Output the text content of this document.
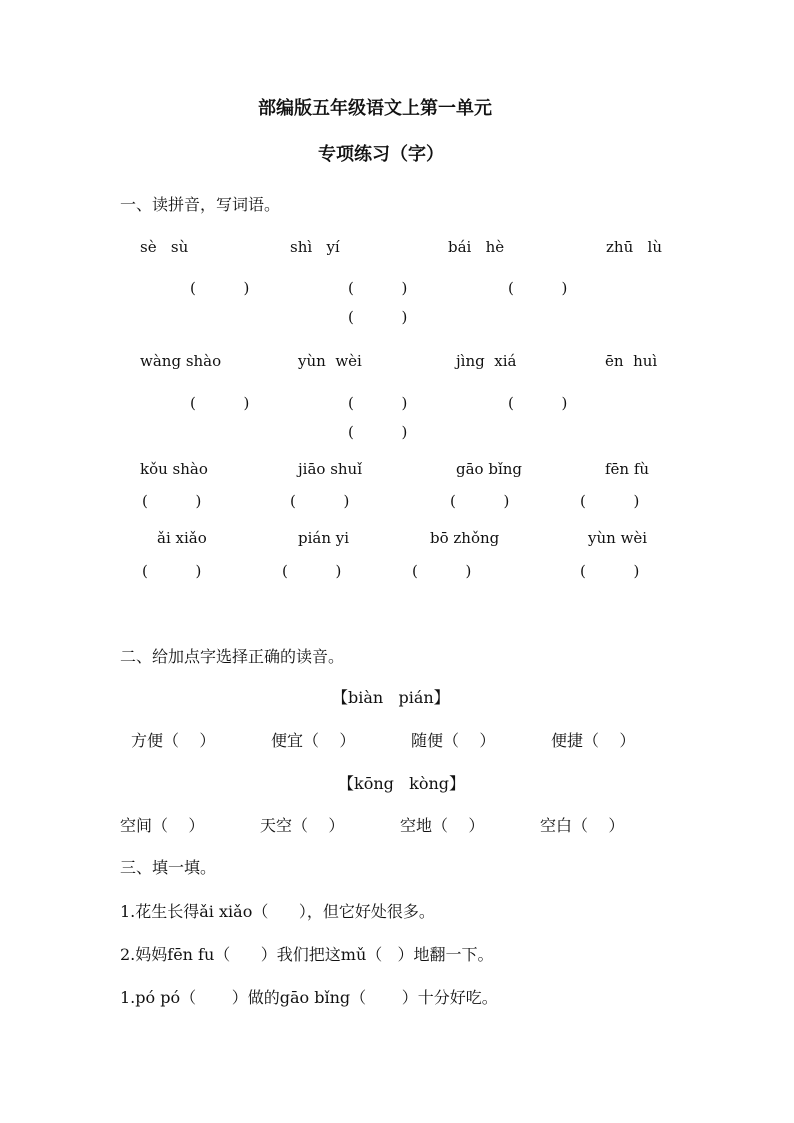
部编版五年级语文上第一单元
专项练习（字）
一、读拼音，写词语。
sè   sù	shì   yí	bái   hè	zhū   lù
(          )	(          )	(          )
(          )
wàng shào	yùn  wèi	jìng  xiá	ēn  huì
(          )	(          )	(          )
(          )
kǒu shào	jiāo shuǐ	gāo bǐng	fēn fù
(          )	(          )	(          )	(          )
ǎi xiǎo	pián yi	bō zhǒng	yùn wèi
(          )	(          )	(          )	(          )
二、给加点字选择正确的读音。
【biàn   pián】
方便（    ）	便宜（    ）	随便（    ）	便捷（    ）
【kōng   kòng】
空间（    ）	天空（    ）	空地（    ）	空白（    ）
三、填一填。
1.花生长得ǎi xiǎo（      ），但它好处很多。
2.妈妈fēn fu（      ）我们把这mǔ（   ）地翻一下。
1.pó pó（       ）做的gāo bǐng（       ）十分好吃。
